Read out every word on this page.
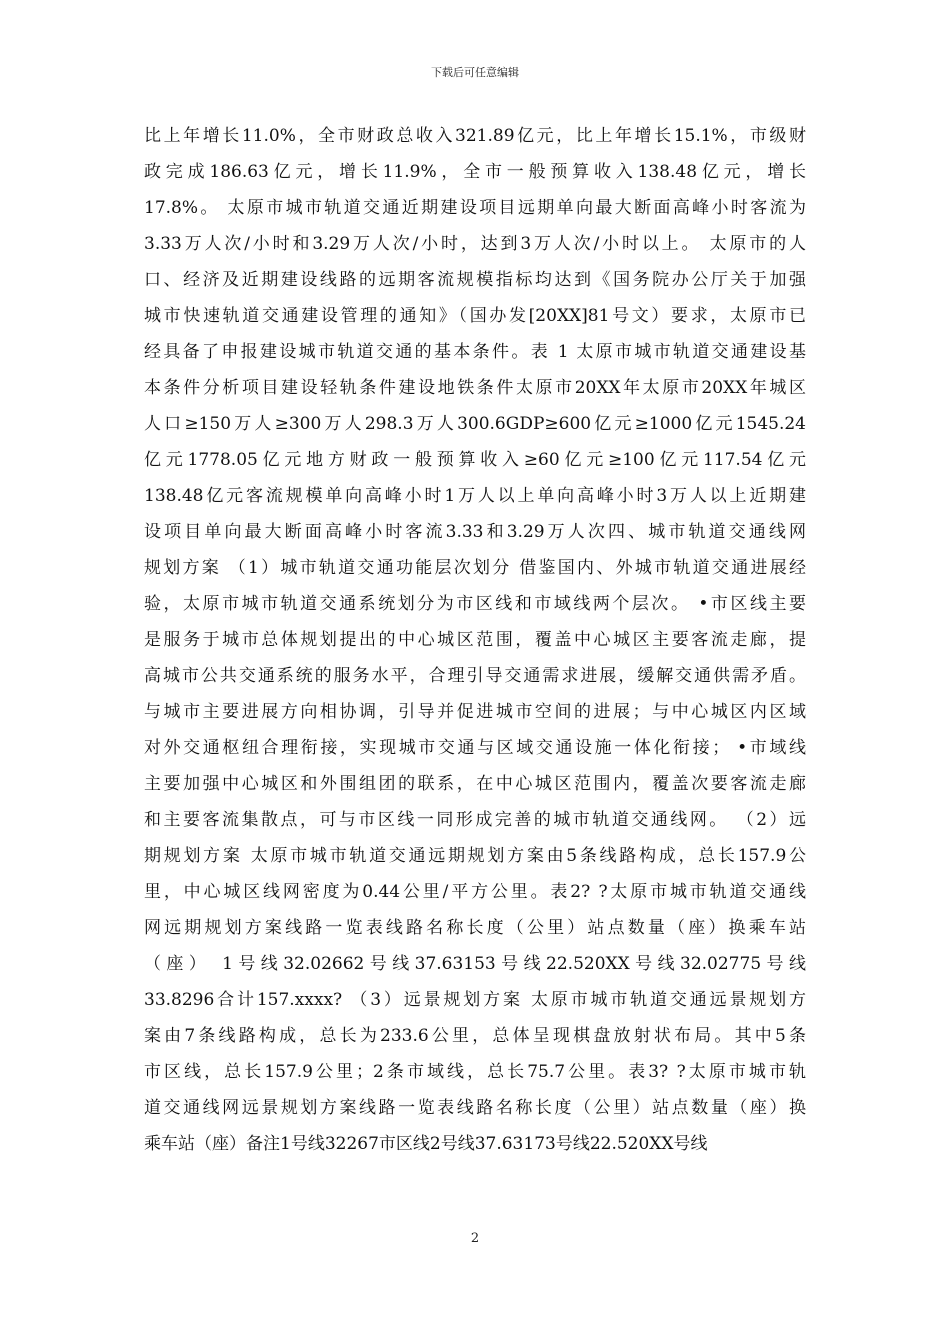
下载后可任意编辑
比上年增长11.0%，全市财政总收入321.89亿元，比上年增长15.1%，市级财
政完成186.63亿元，增长11.9%，全市一般预算收入138.48亿元，增长
17.8%。 太原市城市轨道交通近期建设项目远期单向最大断面高峰小时客流为
3.33万人次/小时和3.29万人次/小时，达到3万人次/小时以上。 太原市的人
口、经济及近期建设线路的远期客流规模指标均达到《国务院办公厅关于加强
城市快速轨道交通建设管理的通知》（国办发[20XX]81号文）要求，太原市已
经具备了申报建设城市轨道交通的基本条件。表 1 太原市城市轨道交通建设基
本条件分析项目建设轻轨条件建设地铁条件太原市20XX年太原市20XX年城区
人口≥150万人≥300万人298.3万人300.6GDP≥600亿元≥1000亿元1545.24
亿元1778.05亿元地方财政一般预算收入≥60亿元≥100亿元117.54亿元
138.48亿元客流规模单向高峰小时1万人以上单向高峰小时3万人以上近期建
设项目单向最大断面高峰小时客流3.33和3.29万人次四、城市轨道交通线网
规划方案 （1）城市轨道交通功能层次划分 借鉴国内、外城市轨道交通进展经
验，太原市城市轨道交通系统划分为市区线和市域线两个层次。 •市区线主要
是服务于城市总体规划提出的中心城区范围，覆盖中心城区主要客流走廊，提
高城市公共交通系统的服务水平，合理引导交通需求进展，缓解交通供需矛盾。
与城市主要进展方向相协调，引导并促进城市空间的进展；与中心城区内区域
对外交通枢纽合理衔接，实现城市交通与区域交通设施一体化衔接； •市域线
主要加强中心城区和外围组团的联系，在中心城区范围内，覆盖次要客流走廊
和主要客流集散点，可与市区线一同形成完善的城市轨道交通线网。 （2）远
期规划方案 太原市城市轨道交通远期规划方案由5条线路构成，总长157.9公
里，中心城区线网密度为0.44公里/平方公里。表2? ?太原市城市轨道交通线
网远期规划方案线路一览表线路名称长度（公里）站点数量（座）换乘车站
（座） 1号线32.02662号线37.63153号线22.520XX号线32.02775号线
33.8296合计157.xxxx? （3）远景规划方案 太原市城市轨道交通远景规划方
案由7条线路构成，总长为233.6公里，总体呈现棋盘放射状布局。其中5条
市区线，总长157.9公里；2条市域线，总长75.7公里。表3? ?太原市城市轨
道交通线网远景规划方案线路一览表线路名称长度（公里）站点数量（座）换
乘车站（座）备注1号线32267市区线2号线37.63173号线22.520XX号线
2
